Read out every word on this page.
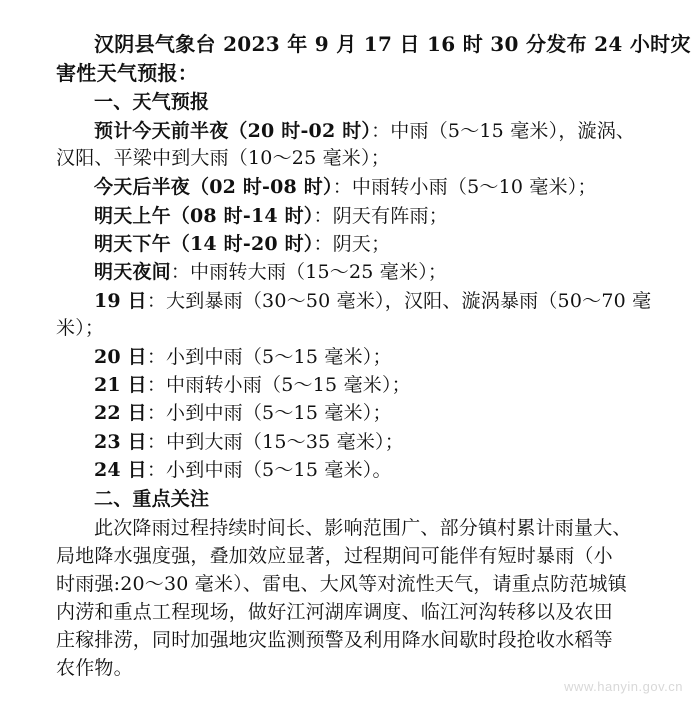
汉阴县气象台 2023 年 9 月 17 日 16 时 30 分发布 24 小时灾
害性天气预报：
一、天气预报
预计今天前半夜（20 时-02 时）：中雨（5～15 毫米），漩涡、
汉阳、平梁中到大雨（10～25 毫米）；
今天后半夜（02 时-08 时）：中雨转小雨（5～10 毫米）；
明天上午（08 时-14 时）：阴天有阵雨；
明天下午（14 时-20 时）：阴天；
明天夜间：中雨转大雨（15～25 毫米）；
19 日：大到暴雨（30～50 毫米），汉阳、漩涡暴雨（50～70 毫
米）；
20 日：小到中雨（5～15 毫米）；
21 日：中雨转小雨（5～15 毫米）；
22 日：小到中雨（5～15 毫米）；
23 日：中到大雨（15～35 毫米）；
24 日：小到中雨（5～15 毫米）。
二、重点关注
此次降雨过程持续时间长、影响范围广、部分镇村累计雨量大、
局地降水强度强，叠加效应显著，过程期间可能伴有短时暴雨（小
时雨强:20～30 毫米）、雷电、大风等对流性天气，请重点防范城镇
内涝和重点工程现场，做好江河湖库调度、临江河沟转移以及农田
庄稼排涝，同时加强地灾监测预警及利用降水间歇时段抢收水稻等
农作物。
www.hanyin.gov.cn
